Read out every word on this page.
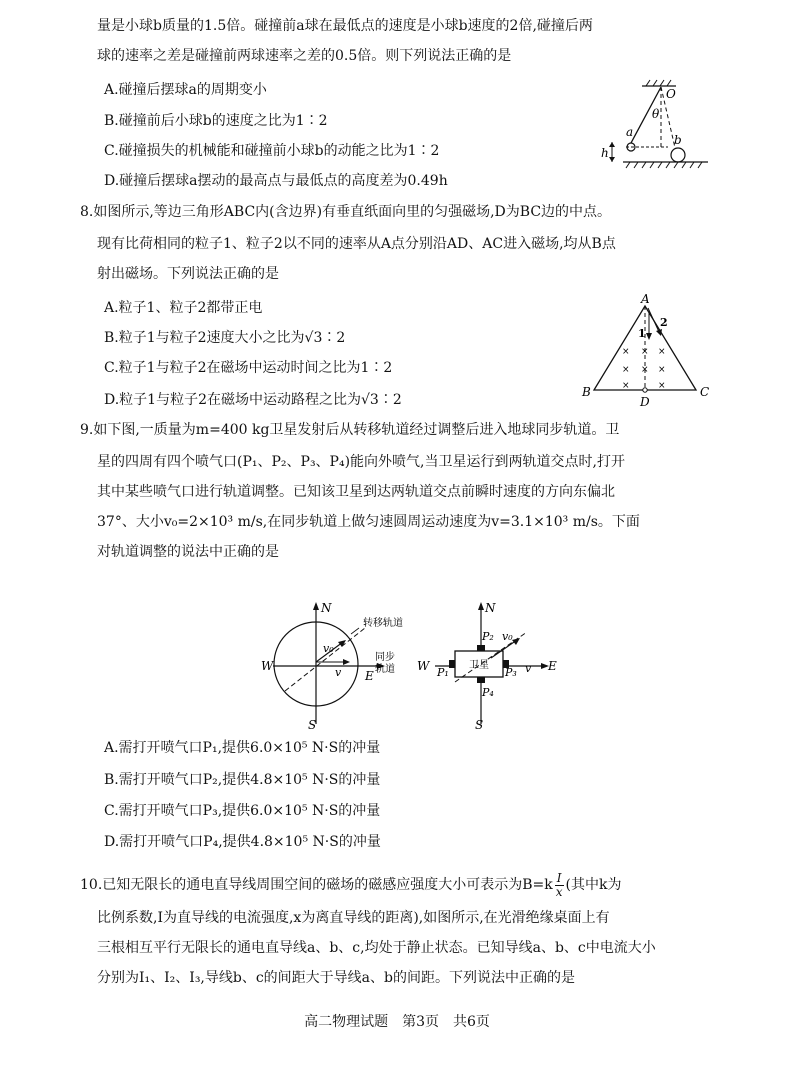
量是小球b质量的1.5倍。碰撞前a球在最低点的速度是小球b速度的2倍,碰撞后两
球的速率之差是碰撞前两球速率之差的0.5倍。则下列说法正确的是
A.碰撞后摆球a的周期变小
B.碰撞前后小球b的速度之比为1∶2
C.碰撞损失的机械能和碰撞前小球b的动能之比为1∶2
D.碰撞后摆球a摆动的最高点与最低点的高度差为0.49h
O
θ
a
b
h
8.如图所示,等边三角形ABC内(含边界)有垂直纸面向里的匀强磁场,D为BC边的中点。
现有比荷相同的粒子1、粒子2以不同的速率从A点分别沿AD、AC进入磁场,均从B点
射出磁场。下列说法正确的是
A.粒子1、粒子2都带正电
B.粒子1与粒子2速度大小之比为√3∶2
C.粒子1与粒子2在磁场中运动时间之比为1∶2
D.粒子1与粒子2在磁场中运动路程之比为√3∶2
1
2
A
B	C
D
× × ×
× × ×
×	×
9.如下图,一质量为m=400 kg卫星发射后从转移轨道经过调整后进入地球同步轨道。卫
星的四周有四个喷气口(P₁、P₂、P₃、P₄)能向外喷气,当卫星运行到两轨道交点时,打开
其中某些喷气口进行轨道调整。已知该卫星到达两轨道交点前瞬时速度的方向东偏北
37°、大小v₀=2×10³ m/s,在同步轨道上做匀速圆周运动速度为v=3.1×10³ m/s。下面
对轨道调整的说法中正确的是
N
S
W
E
v₀
v
转移轨道
同步
轨道
N
S
W	E
卫星
v₀
v
P₂
P₁	P₃
P₄
A.需打开喷气口P₁,提供6.0×10⁵ N·S的冲量
B.需打开喷气口P₂,提供4.8×10⁵ N·S的冲量
C.需打开喷气口P₃,提供6.0×10⁵ N·S的冲量
D.需打开喷气口P₄,提供4.8×10⁵ N·S的冲量
10.已知无限长的通电直导线周围空间的磁场的磁感应强度大小可表示为$B=k \frac{I}{x}$ (其中k为
比例系数,I为直导线的电流强度,x为离直导线的距离),如图所示,在光滑绝缘桌面上有
三根相互平行无限长的通电直导线a、b、c,均处于静止状态。已知导线a、b、c中电流大小
分别为I₁、I₂、I₃,导线b、c的间距大于导线a、b的间距。下列说法中正确的是
高二物理试题　第3页　共6页
